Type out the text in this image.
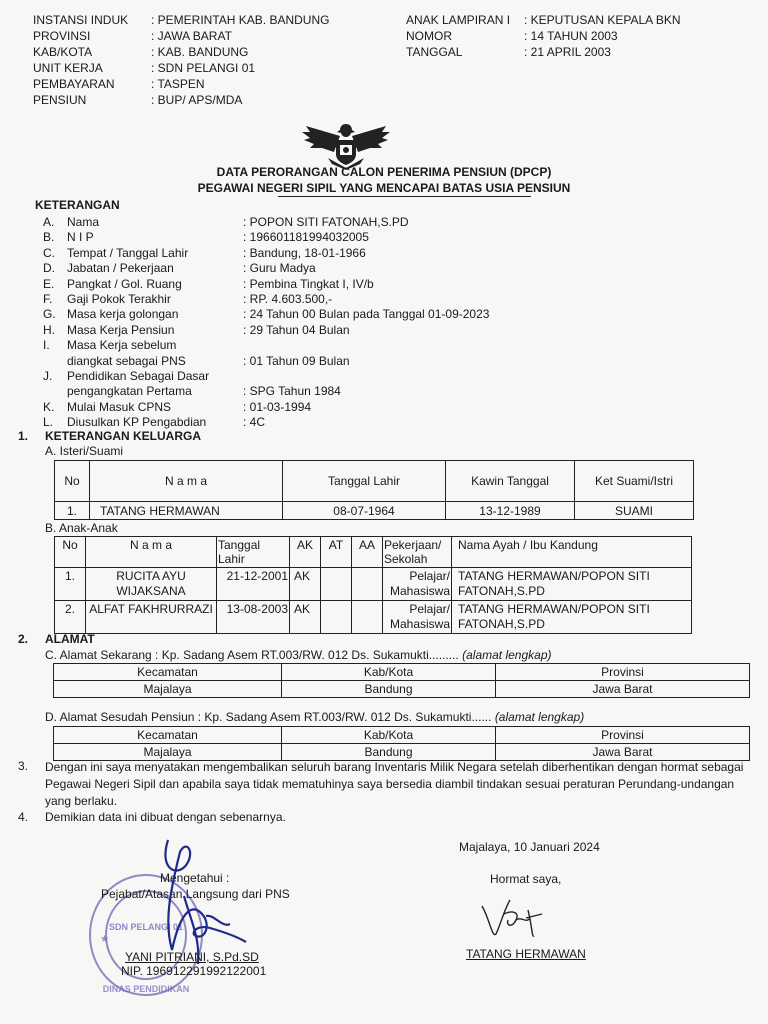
INSTANSI INDUK	: PEMERINTAH KAB. BANDUNG
PROVINSI	: JAWA BARAT
KAB/KOTA	: KAB. BANDUNG
UNIT KERJA	: SDN PELANGI 01
PEMBAYARAN	: TASPEN
PENSIUN	: BUP/ APS/MDA
ANAK LAMPIRAN I	: KEPUTUSAN KEPALA BKN
NOMOR	: 14 TAHUN 2003
TANGGAL	: 21 APRIL 2003
DATA PERORANGAN CALON PENERIMA PENSIUN (DPCP)
PEGAWAI NEGERI SIPIL YANG MENCAPAI BATAS USIA PENSIUN
KETERANGAN
A.	Nama	: POPON SITI FATONAH,S.PD
B.	N I P	: 196601181994032005
C.	Tempat / Tanggal Lahir	: Bandung, 18-01-1966
D.	Jabatan / Pekerjaan	: Guru Madya
E.	Pangkat / Gol. Ruang	: Pembina Tingkat I, IV/b
F.	Gaji Pokok Terakhir	: RP. 4.603.500,-
G.	Masa kerja golongan	: 24 Tahun 00 Bulan pada Tanggal 01-09-2023
H.	Masa Kerja Pensiun	: 29 Tahun 04 Bulan
I.	Masa Kerja sebelum	
	diangkat sebagai PNS	: 01 Tahun 09 Bulan
J.	Pendidikan Sebagai Dasar	
	pengangkatan Pertama	: SPG Tahun 1984
K.	Mulai Masuk CPNS	: 01-03-1994
L.	Diusulkan KP Pengabdian	: 4C
1. KETERANGAN KELUARGA
A. Isteri/Suami
No	N a m a	Tanggal Lahir	Kawin Tanggal	Ket Suami/Istri
1.	TATANG HERMAWAN	08-07-1964	13-12-1989	SUAMI
B. Anak-Anak
No	N a m a	Tanggal Lahir	AK	AT	AA	Pekerjaan/ Sekolah	Nama Ayah / Ibu Kandung
1.	RUCITA AYU WIJAKSANA	21-12-2001	AK			Pelajar/ Mahasiswa	TATANG HERMAWAN/POPON SITI FATONAH,S.PD
2.	ALFAT FAKHRURRAZI	13-08-2003	AK			Pelajar/ Mahasiswa	TATANG HERMAWAN/POPON SITI FATONAH,S.PD
2. ALAMAT
C. Alamat Sekarang : Kp. Sadang Asem RT.003/RW. 012 Ds. Sukamukti......... (alamat lengkap)
Kecamatan	Kab/Kota	Provinsi
Majalaya	Bandung	Jawa Barat
D. Alamat Sesudah Pensiun : Kp. Sadang Asem RT.003/RW. 012 Ds. Sukamukti...... (alamat lengkap)
Kecamatan	Kab/Kota	Provinsi
Majalaya	Bandung	Jawa Barat
3. Dengan ini saya menyatakan mengembalikan seluruh barang Inventaris Milik Negara setelah diberhentikan dengan hormat sebagai Pegawai Negeri Sipil dan apabila saya tidak mematuhinya saya bersedia diambil tindakan sesuai peraturan Perundang-undangan yang berlaku.
4. Demikian data ini dibuat dengan sebenarnya.
Majalaya, 10 Januari 2024
Hormat saya,
TATANG HERMAWAN
SDN PELANGI 01
DINAS PENDIDIKAN
★
Mengetahui :
Pejabat/Atasan Langsung dari PNS
YANI PITRIANI, S.Pd.SD
NIP. 196912291992122001
